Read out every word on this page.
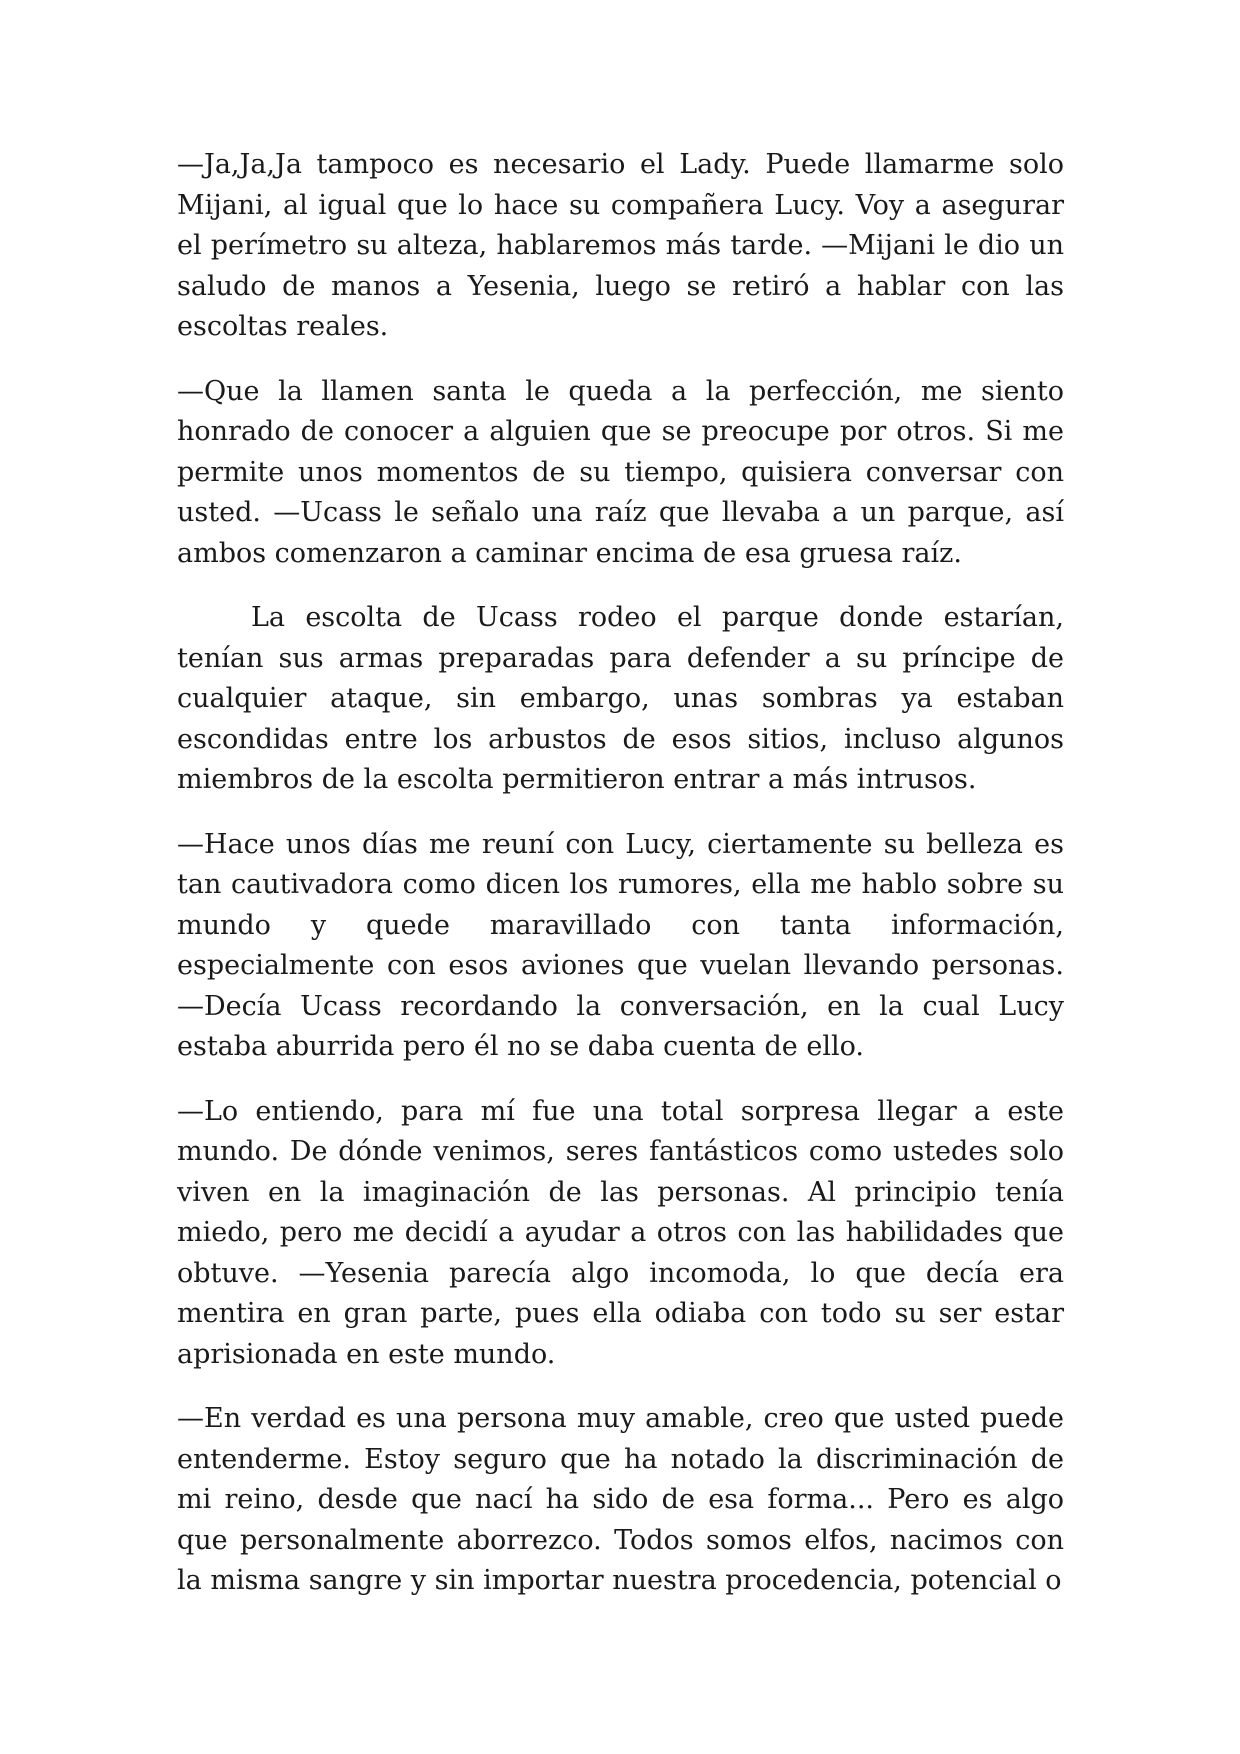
—Ja,Ja,Ja tampoco es necesario el Lady. Puede llamarme solo Mijani, al igual que lo hace su compañera Lucy. Voy a asegurar el perímetro su alteza, hablaremos más tarde. —Mijani le dio un saludo de manos a Yesenia, luego se retiró a hablar con las escoltas reales.

—Que la llamen santa le queda a la perfección, me siento honrado de conocer a alguien que se preocupe por otros. Si me permite unos momentos de su tiempo, quisiera conversar con usted. —Ucass le señalo una raíz que llevaba a un parque, así ambos comenzaron a caminar encima de esa gruesa raíz.

La escolta de Ucass rodeo el parque donde estarían, tenían sus armas preparadas para defender a su príncipe de cualquier ataque, sin embargo, unas sombras ya estaban escondidas entre los arbustos de esos sitios, incluso algunos miembros de la escolta permitieron entrar a más intrusos.

—Hace unos días me reuní con Lucy, ciertamente su belleza es tan cautivadora como dicen los rumores, ella me hablo sobre su mundo y quede maravillado con tanta información, especialmente con esos aviones que vuelan llevando personas. —Decía Ucass recordando la conversación, en la cual Lucy estaba aburrida pero él no se daba cuenta de ello.

—Lo entiendo, para mí fue una total sorpresa llegar a este mundo. De dónde venimos, seres fantásticos como ustedes solo viven en la imaginación de las personas. Al principio tenía miedo, pero me decidí a ayudar a otros con las habilidades que obtuve. —Yesenia parecía algo incomoda, lo que decía era mentira en gran parte, pues ella odiaba con todo su ser estar aprisionada en este mundo.

—En verdad es una persona muy amable, creo que usted puede entenderme. Estoy seguro que ha notado la discriminación de mi reino, desde que nací ha sido de esa forma... Pero es algo que personalmente aborrezco. Todos somos elfos, nacimos con la misma sangre y sin importar nuestra procedencia, potencial o
